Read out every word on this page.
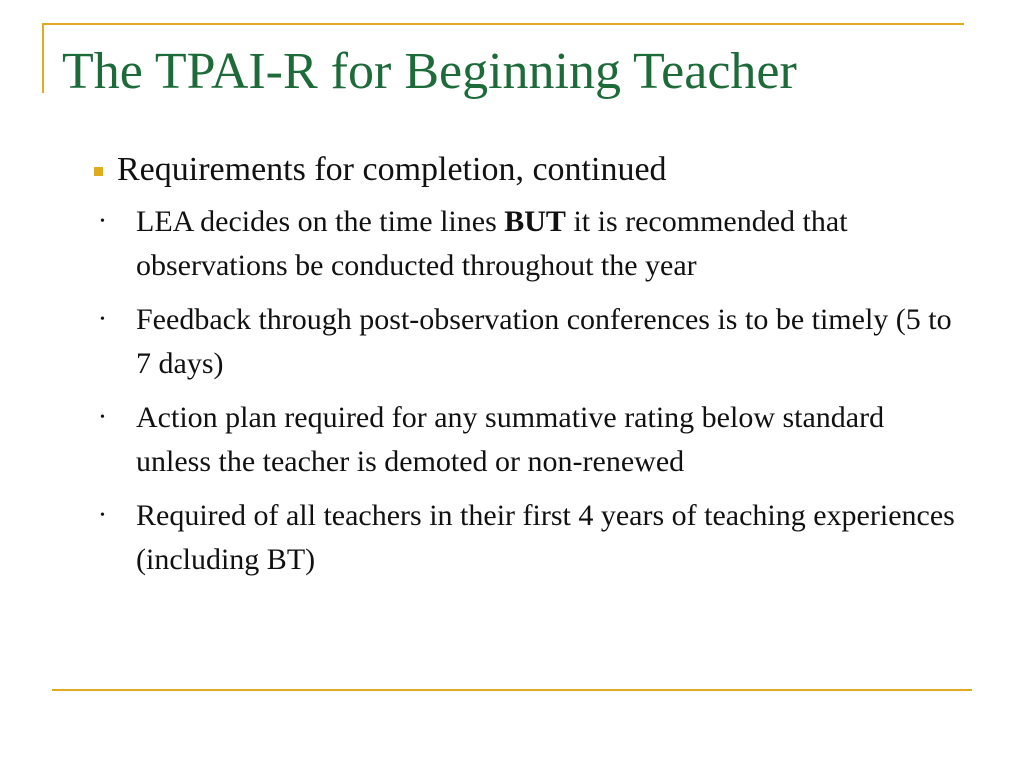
The TPAI-R for Beginning Teacher
Requirements for completion, continued
•	LEA decides on the time lines BUT it is recommended that observations be conducted throughout the year
•	Feedback through post-observation conferences is to be timely (5 to 7 days)
•	Action plan required for any summative rating below standard unless the teacher is demoted or non-renewed
•	Required of all teachers in their first 4 years of teaching experiences (including BT)
